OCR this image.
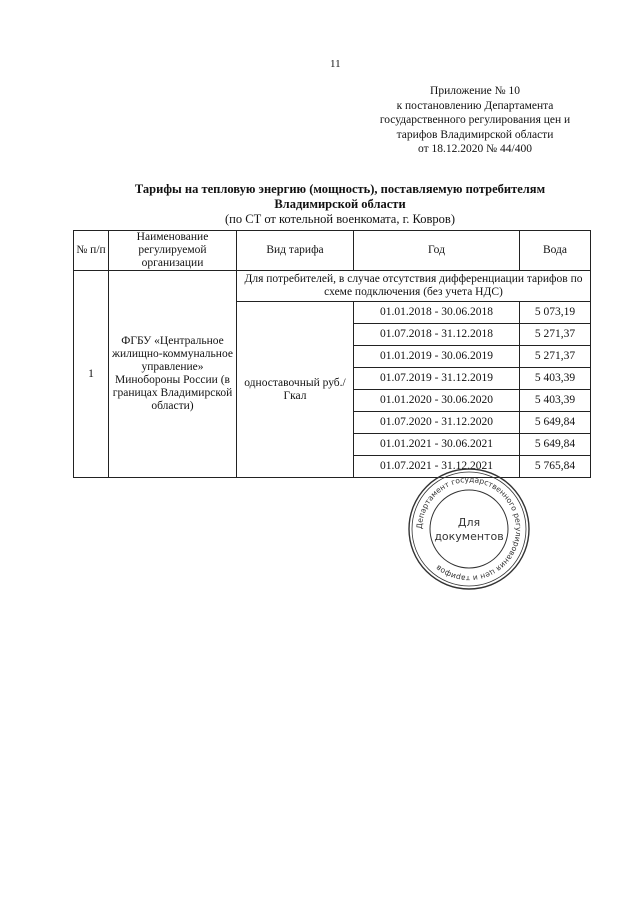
11
Приложение № 10
к постановлению Департамента
государственного регулирования цен и
тарифов Владимирской области
от 18.12.2020 № 44/400
Тарифы на тепловую энергию (мощность), поставляемую потребителям
Владимирской области
(по СТ от котельной военкомата, г. Ковров)
№ п/п	Наименование регулируемой организации	Вид тарифа	Год	Вода
1	ФГБУ «Центральное жилищно-коммунальное управление» Минобороны России (в границах Владимирской области)	Для потребителей, в случае отсутствия дифференциации тарифов по схеме подключения (без учета НДС)		
		одноставочный руб./Гкал	01.01.2018 - 30.06.2018	5 073,19
			01.07.2018 - 31.12.2018	5 271,37
			01.01.2019 - 30.06.2019	5 271,37
			01.07.2019 - 31.12.2019	5 403,39
			01.01.2020 - 30.06.2020	5 403,39
			01.07.2020 - 31.12.2020	5 649,84
			01.01.2021 - 30.06.2021	5 649,84
			01.07.2021 - 31.12.2021	5 765,84
Департамент государственного регулирования цен и тарифов
Для
документов
